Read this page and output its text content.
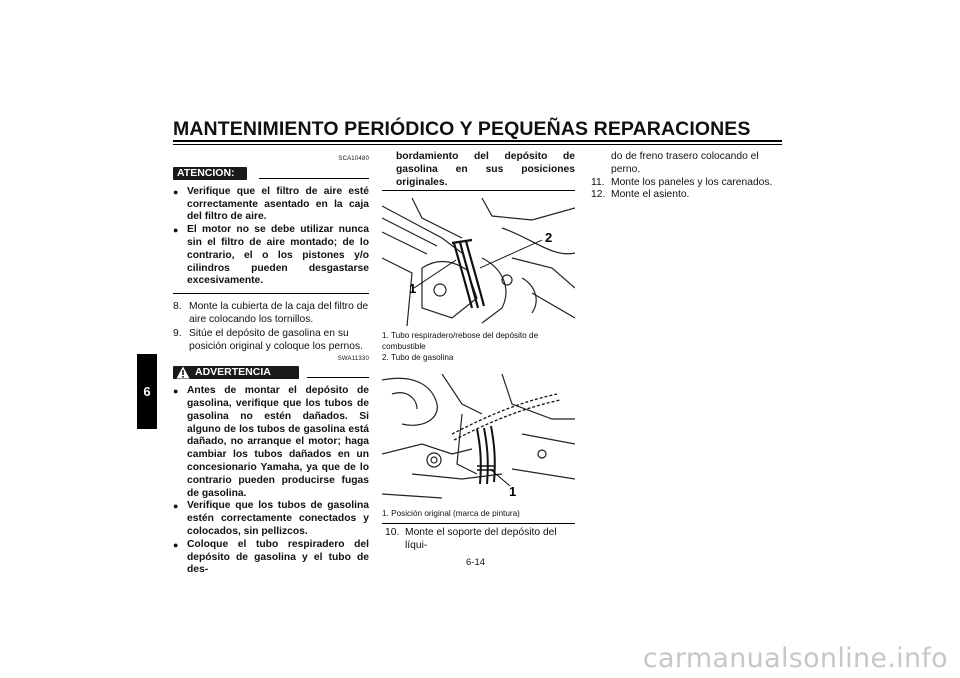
MANTENIMIENTO PERIÓDICO Y PEQUEÑAS REPARACIONES
6
SCA10480
ATENCION:
● Verifique que el filtro de aire esté correctamente asentado en la caja del filtro de aire.
● El motor no se debe utilizar nunca sin el filtro de aire montado; de lo contrario, el o los pistones y/o cilindros pueden desgastarse excesivamente.
8. Monte la cubierta de la caja del filtro de aire colocando los tornillos.
9. Sitúe el depósito de gasolina en su posición original y coloque los pernos.
SWA11330
ADVERTENCIA
● Antes de montar el depósito de gasolina, verifique que los tubos de gasolina no estén dañados. Si alguno de los tubos de gasolina está dañado, no arranque el motor; haga cambiar los tubos dañados en un concesionario Yamaha, ya que de lo contrario pueden producirse fugas de gasolina.
● Verifique que los tubos de gasolina estén correctamente conectados y colocados, sin pellizcos.
● Coloque el tubo respiradero del depósito de gasolina y el tubo de des-
bordamiento del depósito de gasolina en sus posiciones originales.
1
2
1. Tubo respiradero/rebose del depósito de combustible
2. Tubo de gasolina
1
1. Posición original (marca de pintura)
10. Monte el soporte del depósito del líqui-
do de freno trasero colocando el perno.
11. Monte los paneles y los carenados.
12. Monte el asiento.
6-14
carmanualsonline.info
